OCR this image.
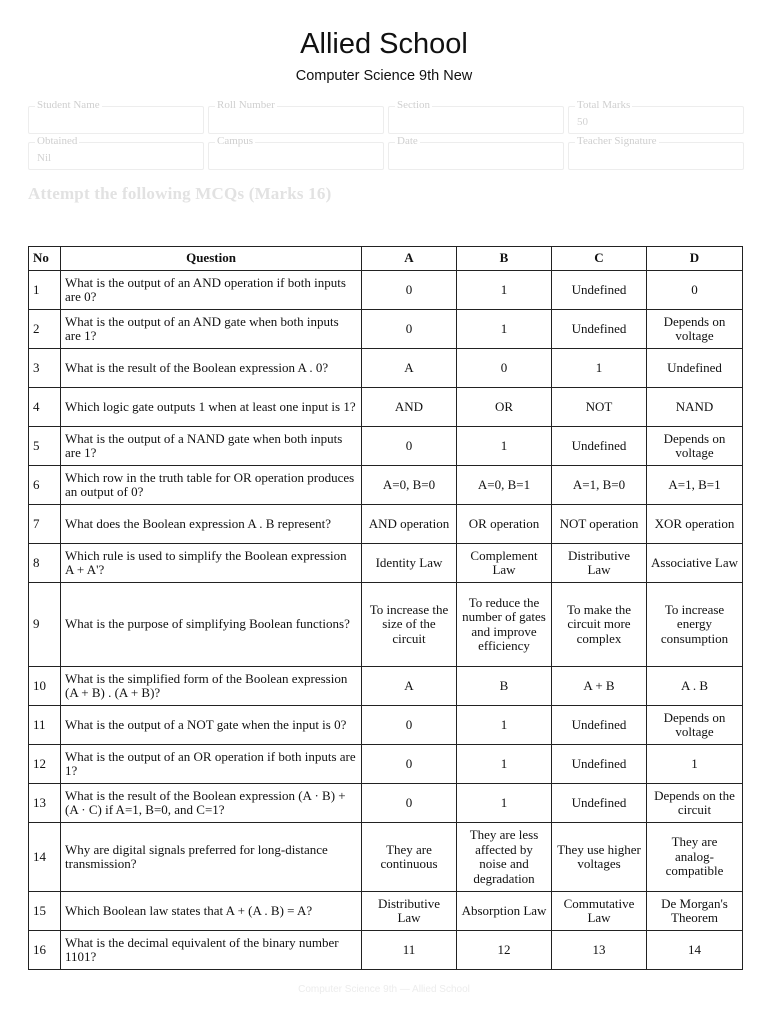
Allied School
Computer Science 9th New
Student Name	Roll Number	Section	Total Marks
50
Obtained
Nil
Campus	Date	Teacher Signature
Attempt the following MCQs (Marks 16)
No	Question	A	B	C	D
1	What is the output of an AND operation if both inputs are 0?	0	1	Undefined	0
2	What is the output of an AND gate when both inputs are 1?	0	1	Undefined	Depends on voltage
3	What is the result of the Boolean expression A . 0?	A	0	1	Undefined
4	Which logic gate outputs 1 when at least one input is 1?	AND	OR	NOT	NAND
5	What is the output of a NAND gate when both inputs are 1?	0	1	Undefined	Depends on voltage
6	Which row in the truth table for OR operation produces an output of 0?	A=0, B=0	A=0, B=1	A=1, B=0	A=1, B=1
7	What does the Boolean expression A . B represent?	AND operation	OR operation	NOT operation	XOR operation
8	Which rule is used to simplify the Boolean expression A + A'?	Identity Law	Complement Law	Distributive Law	Associative Law
9	What is the purpose of simplifying Boolean functions?	To increase the size of the circuit	To reduce the number of gates and improve efficiency	To make the circuit more complex	To increase energy consumption
10	What is the simplified form of the Boolean expression (A + B) . (A + B)?	A	B	A + B	A . B
11	What is the output of a NOT gate when the input is 0?	0	1	Undefined	Depends on voltage
12	What is the output of an OR operation if both inputs are 1?	0	1	Undefined	1
13	What is the result of the Boolean expression (A · B) + (A · C) if A=1, B=0, and C=1?	0	1	Undefined	Depends on the circuit
14	Why are digital signals preferred for long-distance transmission?	They are continuous	They are less affected by noise and degradation	They use higher voltages	They are analog-compatible
15	Which Boolean law states that A + (A . B) = A?	Distributive Law	Absorption Law	Commutative Law	De Morgan's Theorem
16	What is the decimal equivalent of the binary number 1101?	11	12	13	14
Computer Science 9th — Allied School
